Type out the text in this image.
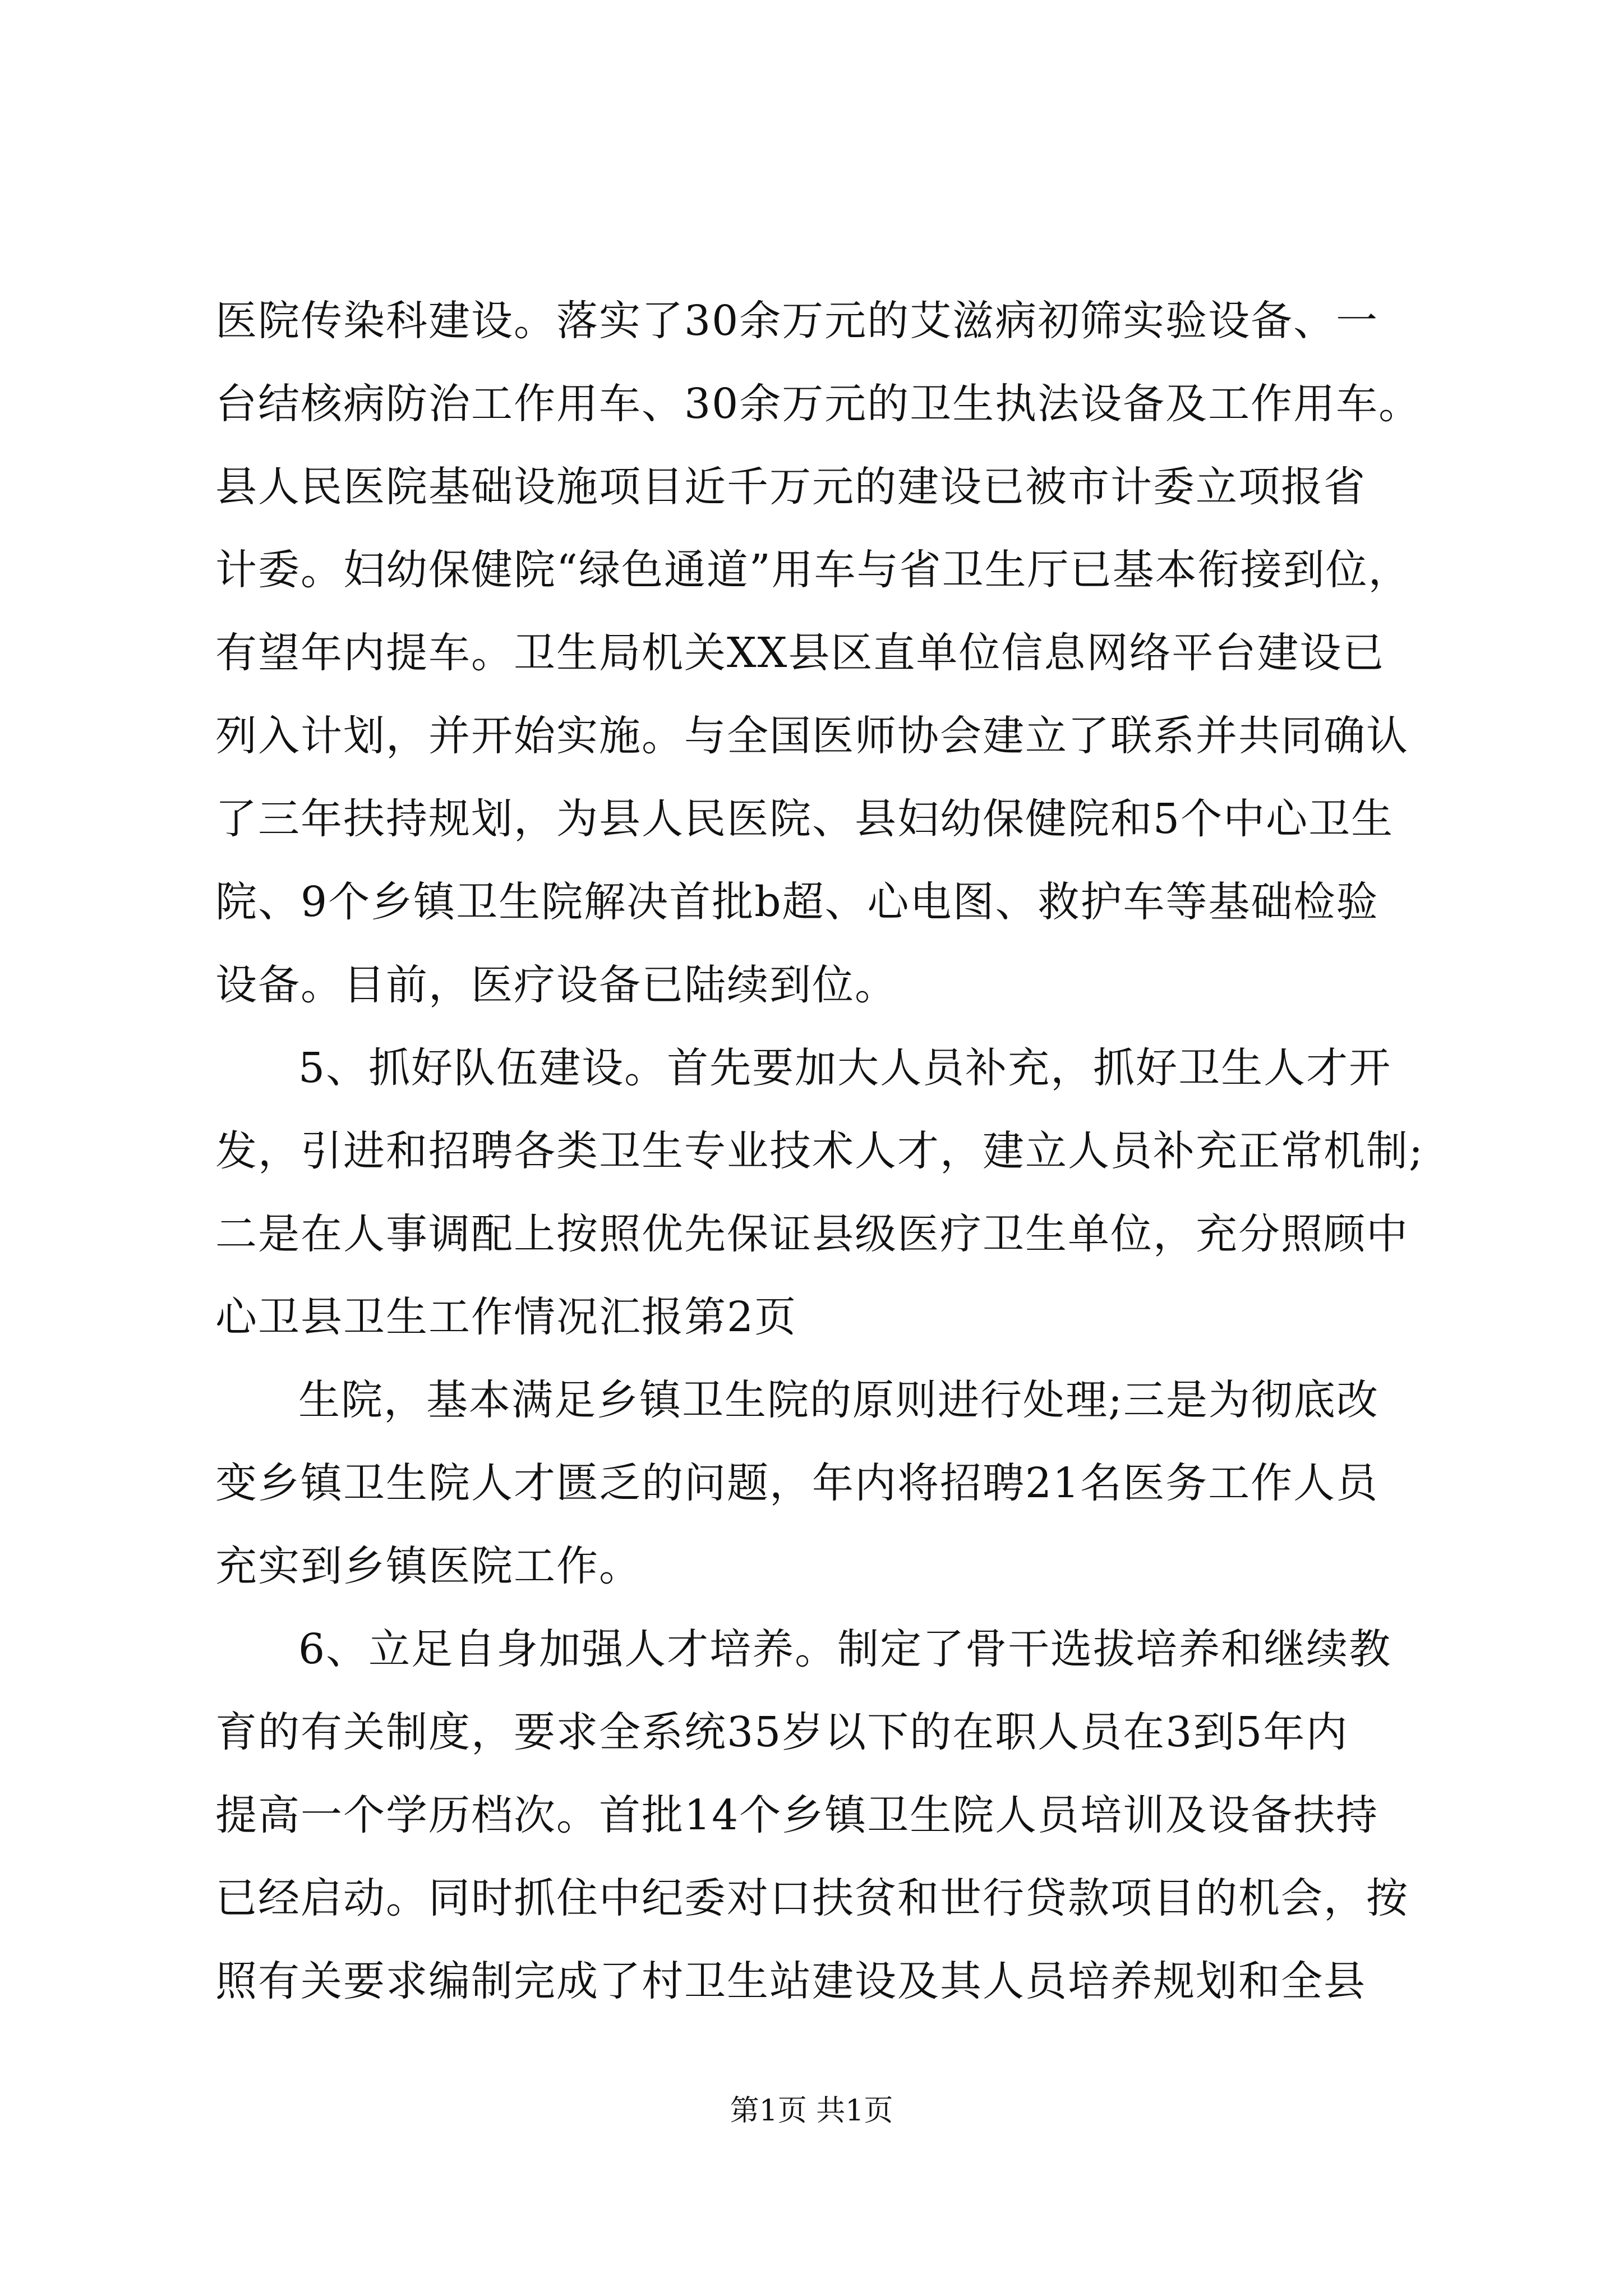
医院传染科建设。落实了30余万元的艾滋病初筛实验设备、一
台结核病防治工作用车、30余万元的卫生执法设备及工作用车。
县人民医院基础设施项目近千万元的建设已被市计委立项报省
计委。妇幼保健院“绿色通道”用车与省卫生厅已基本衔接到位，
有望年内提车。卫生局机关XX县区直单位信息网络平台建设已
列入计划，并开始实施。与全国医师协会建立了联系并共同确认
了三年扶持规划，为县人民医院、县妇幼保健院和5个中心卫生
院、9个乡镇卫生院解决首批b超、心电图、救护车等基础检验
设备。目前，医疗设备已陆续到位。

5、抓好队伍建设。首先要加大人员补充，抓好卫生人才开
发，引进和招聘各类卫生专业技术人才，建立人员补充正常机制;
二是在人事调配上按照优先保证县级医疗卫生单位，充分照顾中
心卫县卫生工作情况汇报第2页

生院，基本满足乡镇卫生院的原则进行处理;三是为彻底改
变乡镇卫生院人才匮乏的问题，年内将招聘21名医务工作人员
充实到乡镇医院工作。

6、立足自身加强人才培养。制定了骨干选拔培养和继续教
育的有关制度，要求全系统35岁以下的在职人员在3到5年内
提高一个学历档次。首批14个乡镇卫生院人员培训及设备扶持
已经启动。同时抓住中纪委对口扶贫和世行贷款项目的机会，按
照有关要求编制完成了村卫生站建设及其人员培养规划和全县

第1页 共1页
